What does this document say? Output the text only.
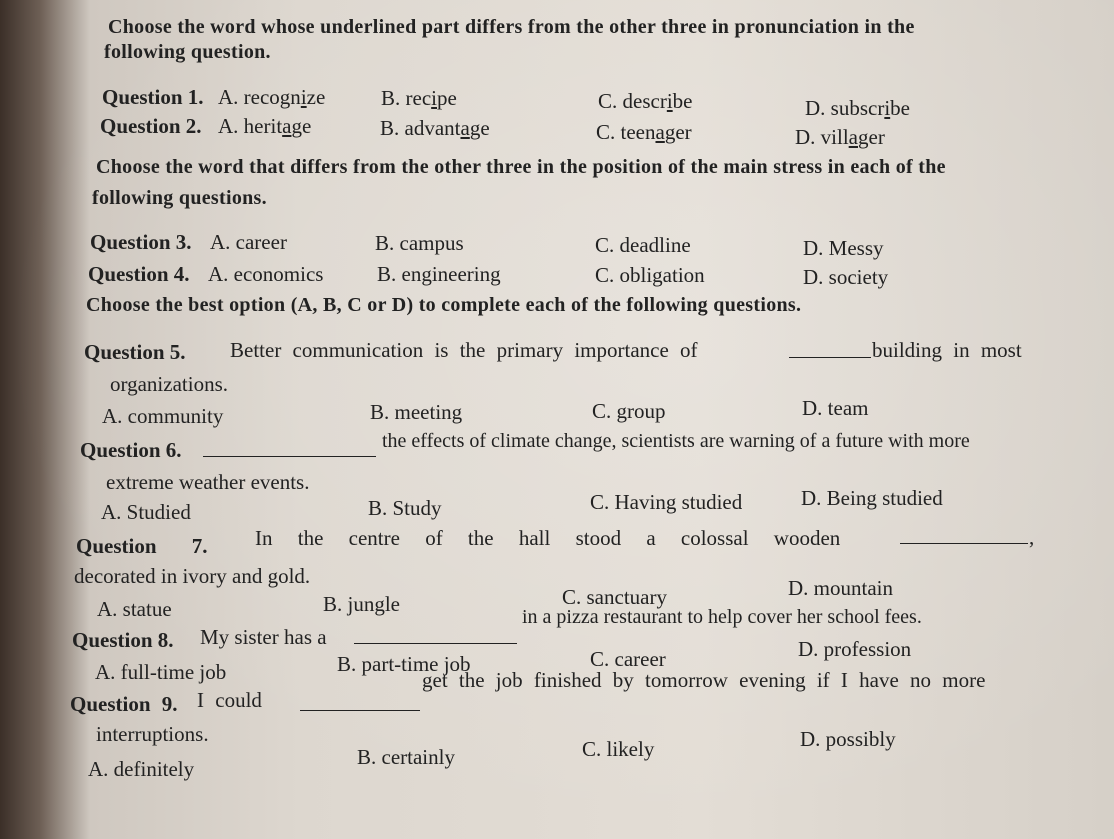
Choose the word whose underlined part differs from the other three in pronunciation in the
following question.
Question 1. A. recognize	B. recipe	C. describe	D. subscribe
Question 2. A. heritage	B. advantage	C. teenager	D. villager
Choose the word that differs from the other three in the position of the main stress in each of the
following questions.
Question 3. A. career	B. campus	C. deadline	D. Messy
Question 4. A. economics	B. engineering	C. obligation	D. society
Choose the best option (A, B, C or D) to complete each of the following questions.
Question 5. Better communication is the primary importance of	building in most
organizations.
A. community	B. meeting	C. group	D. team
Question 6.	the effects of climate change, scientists are warning of a future with more
extreme weather events.
A. Studied	B. Study	C. Having studied	D. Being studied
Question 7. In the centre of the hall stood a colossal wooden	,
decorated in ivory and gold.
A. statue	B. jungle	C. sanctuary	D. mountain
Question 8. My sister has a
in a pizza restaurant to help cover her school fees.
A. full-time job	B. part-time job	C. career	D. profession
Question 9. I could
get the job finished by tomorrow evening if I have no more
interruptions.
A. definitely	B. certainly	C. likely	D. possibly
